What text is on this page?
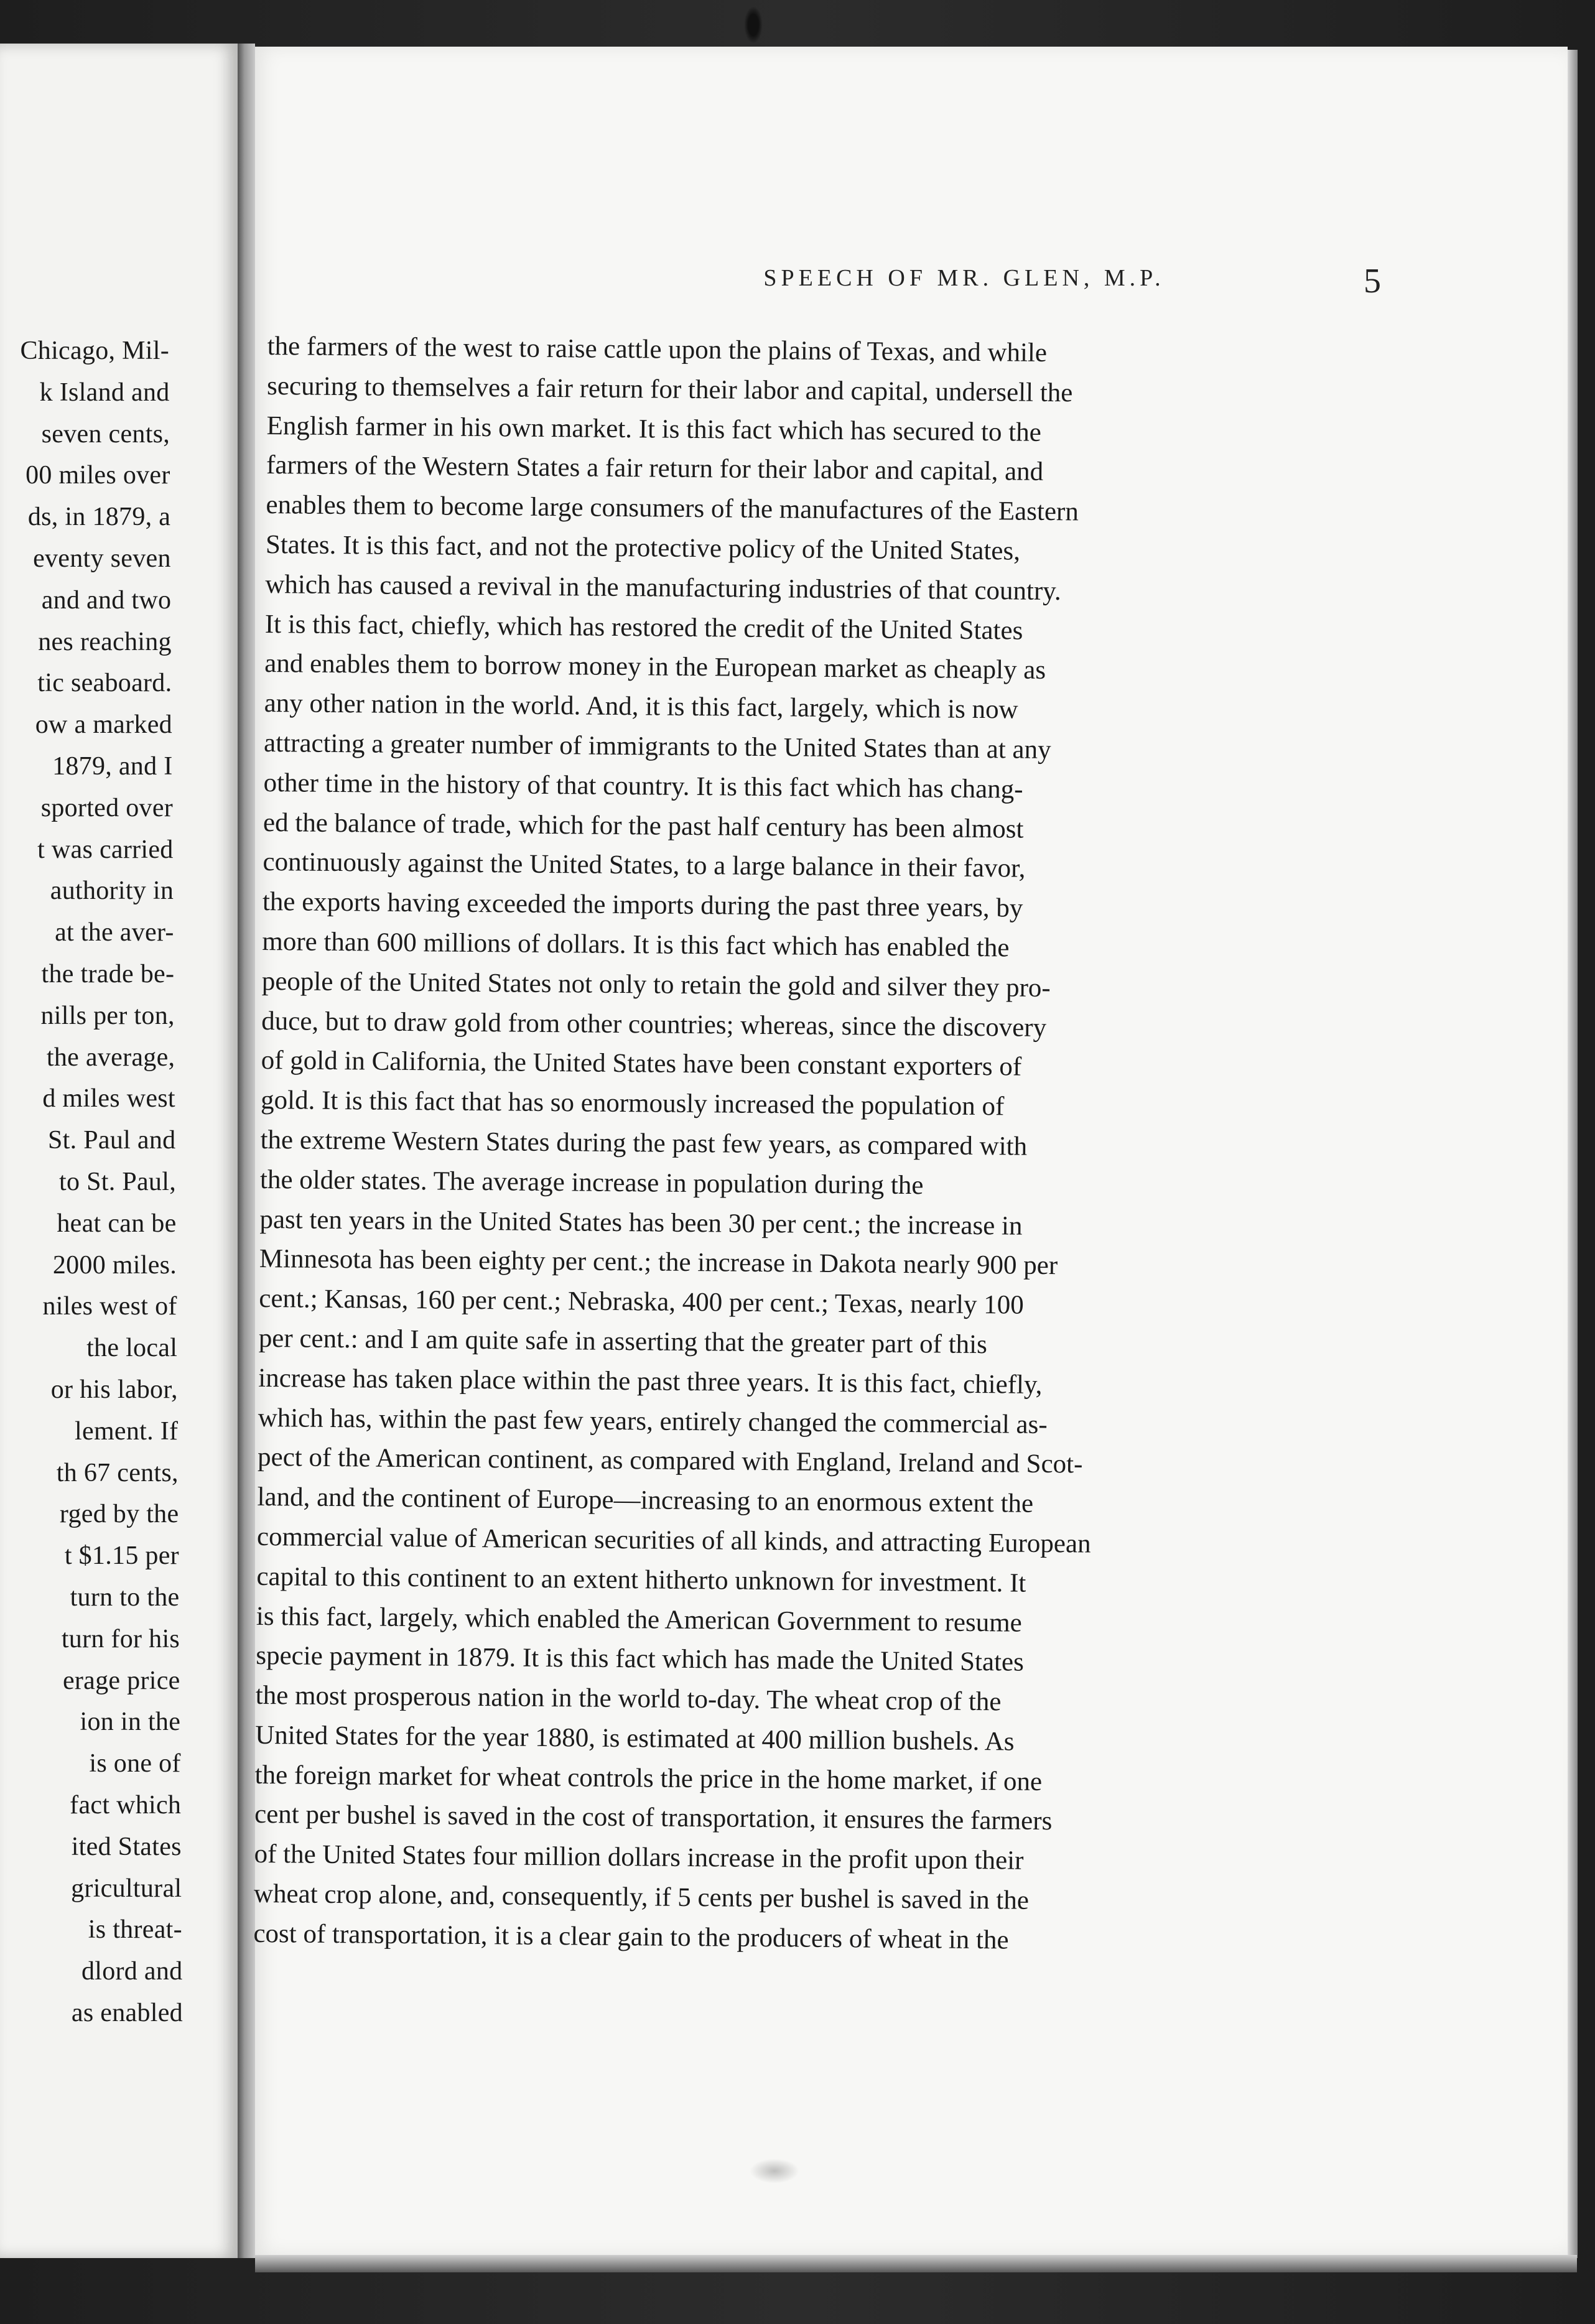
Chicago, Mil-
k Island and
seven cents,
00 miles over
ds, in 1879, a
eventy seven
and and two
nes reaching
tic seaboard.
ow a marked
1879, and I
sported over
t was carried
authority in
at the aver-
the trade be-
nills per ton,
the average,
d miles west
St. Paul and
to St. Paul,
heat can be
2000 miles.
niles west of
the local
or his labor,
lement. If
th 67 cents,
rged by the
t $1.15 per
turn to the
turn for his
erage price
ion in the
is one of
fact which
ited States
gricultural
is threat-
dlord and
as enabled
SPEECH OF MR. GLEN, M.P.	5
the farmers of the west to raise cattle upon the plains of Texas, and while
securing to themselves a fair return for their labor and capital, undersell the
English farmer in his own market. It is this fact which has secured to the
farmers of the Western States a fair return for their labor and capital, and
enables them to become large consumers of the manufactures of the Eastern
States. It is this fact, and not the protective policy of the United States,
which has caused a revival in the manufacturing industries of that country.
It is this fact, chiefly, which has restored the credit of the United States
and enables them to borrow money in the European market as cheaply as
any other nation in the world. And, it is this fact, largely, which is now
attracting a greater number of immigrants to the United States than at any
other time in the history of that country. It is this fact which has chang-
ed the balance of trade, which for the past half century has been almost
continuously against the United States, to a large balance in their favor,
the exports having exceeded the imports during the past three years, by
more than 600 millions of dollars. It is this fact which has enabled the
people of the United States not only to retain the gold and silver they pro-
duce, but to draw gold from other countries; whereas, since the discovery
of gold in California, the United States have been constant exporters of
gold. It is this fact that has so enormously increased the population of
the extreme Western States during the past few years, as compared with
the older states. The average increase in population during the
past ten years in the United States has been 30 per cent.; the increase in
Minnesota has been eighty per cent.; the increase in Dakota nearly 900 per
cent.; Kansas, 160 per cent.; Nebraska, 400 per cent.; Texas, nearly 100
per cent.: and I am quite safe in asserting that the greater part of this
increase has taken place within the past three years. It is this fact, chiefly,
which has, within the past few years, entirely changed the commercial as-
pect of the American continent, as compared with England, Ireland and Scot-
land, and the continent of Europe—increasing to an enormous extent the
commercial value of American securities of all kinds, and attracting European
capital to this continent to an extent hitherto unknown for investment. It
is this fact, largely, which enabled the American Government to resume
specie payment in 1879. It is this fact which has made the United States
the most prosperous nation in the world to-day. The wheat crop of the
United States for the year 1880, is estimated at 400 million bushels. As
the foreign market for wheat controls the price in the home market, if one
cent per bushel is saved in the cost of transportation, it ensures the farmers
of the United States four million dollars increase in the profit upon their
wheat crop alone, and, consequently, if 5 cents per bushel is saved in the
cost of transportation, it is a clear gain to the producers of wheat in the
